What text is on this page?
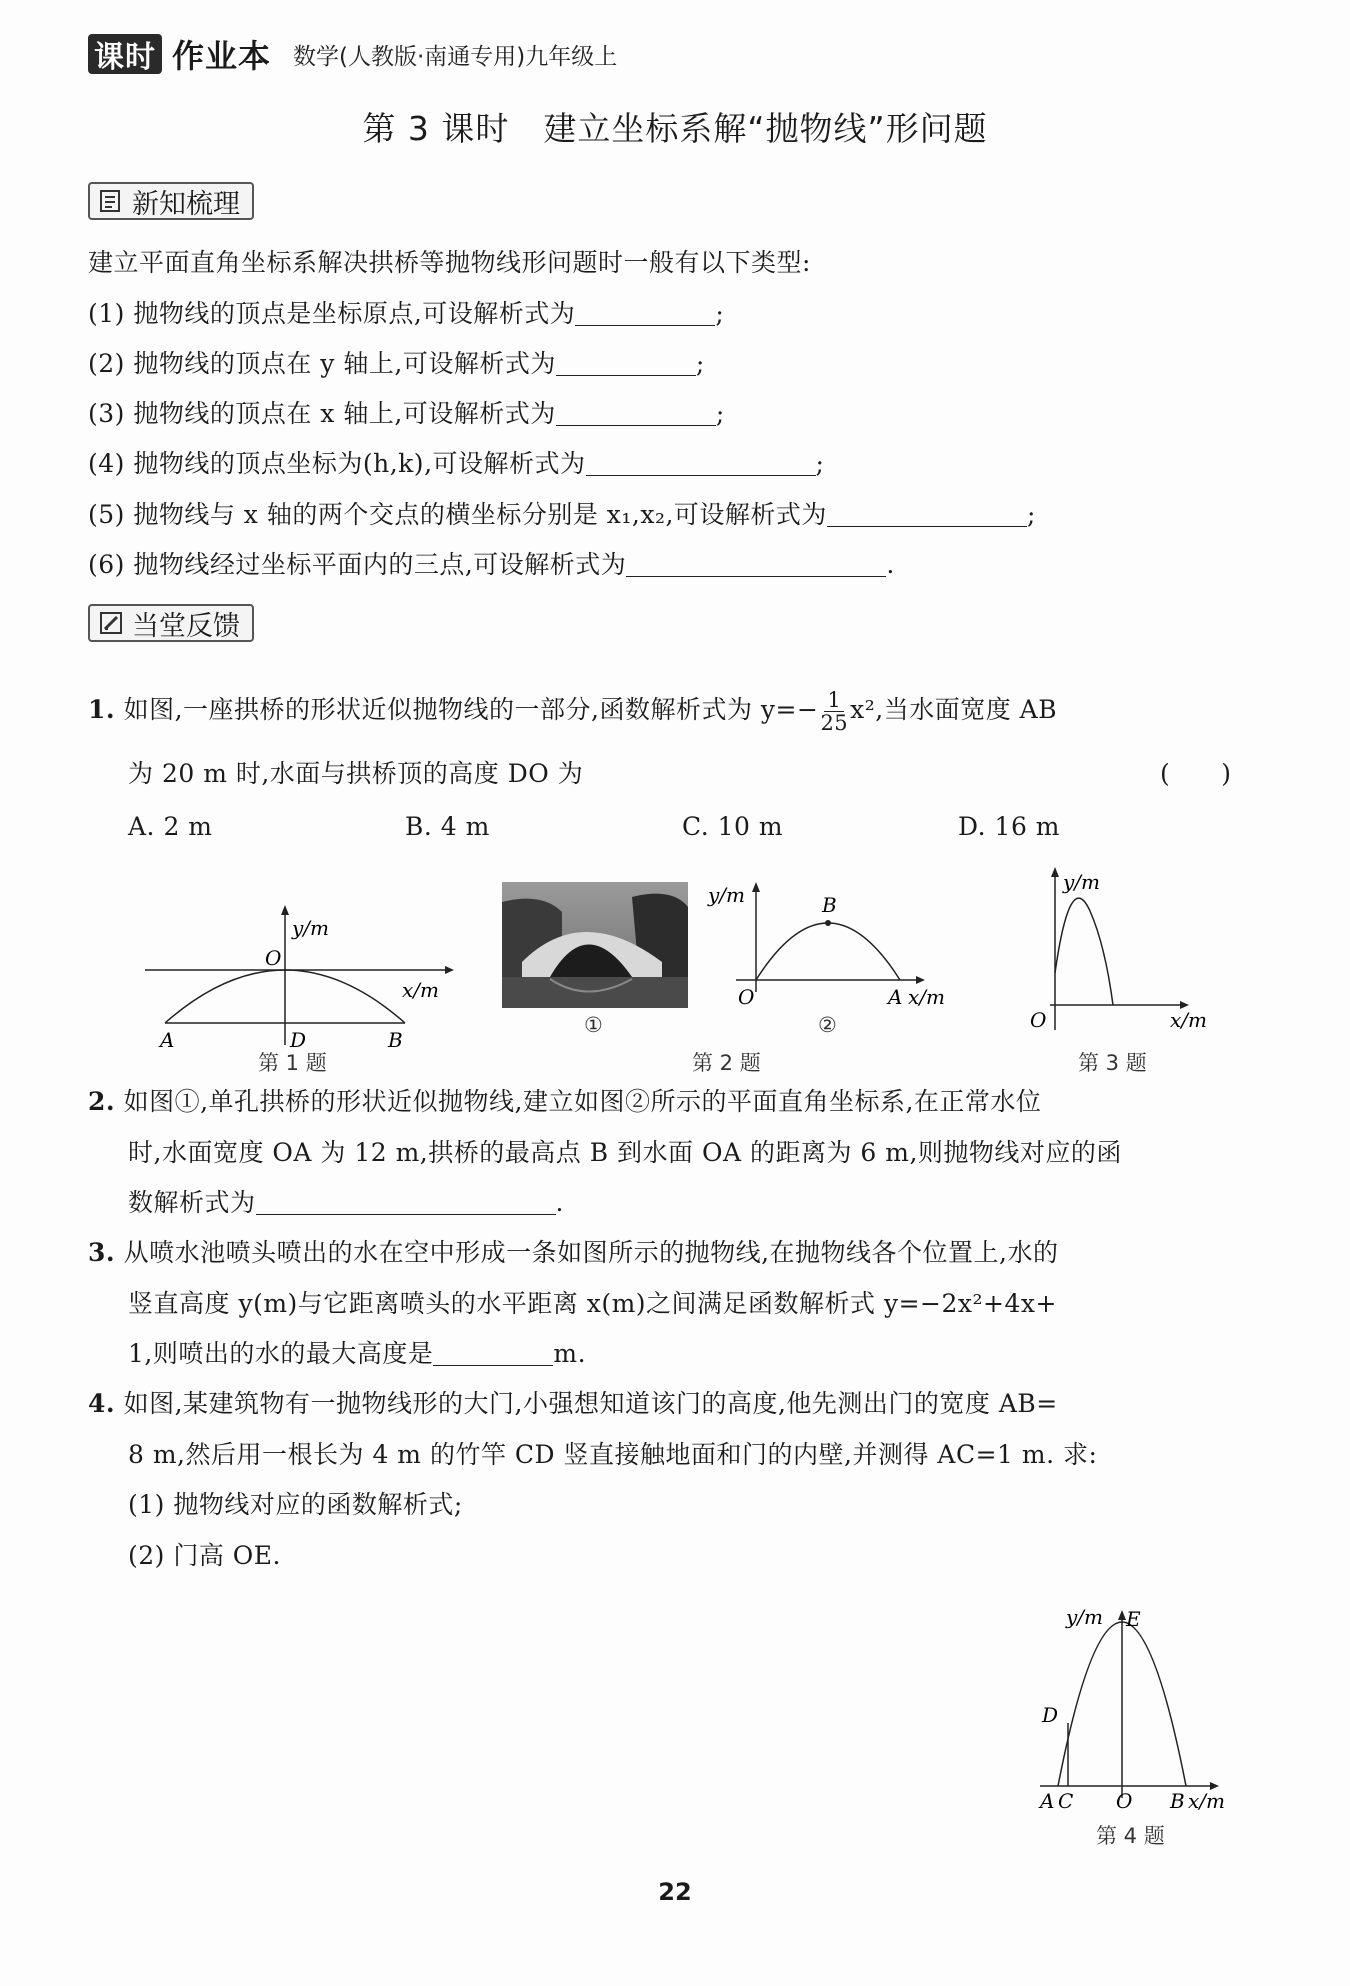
课时 作业本 数学(人教版·南通专用)九年级上
第 3 课时　建立坐标系解“抛物线”形问题
新知梳理
建立平面直角坐标系解决拱桥等抛物线形问题时一般有以下类型:
(1) 抛物线的顶点是坐标原点,可设解析式为	;
(2) 抛物线的顶点在 y 轴上,可设解析式为	;
(3) 抛物线的顶点在 x 轴上,可设解析式为	;
(4) 抛物线的顶点坐标为(h,k),可设解析式为	;
(5) 抛物线与 x 轴的两个交点的横坐标分别是 x₁,x₂,可设解析式为	;
(6) 抛物线经过坐标平面内的三点,可设解析式为	.
当堂反馈
1. 如图,一座拱桥的形状近似抛物线的一部分,函数解析式为 $y=- \frac{1}{25} x^2$,当水面宽度 AB
为 20 m 时,水面与拱桥顶的高度 DO 为	(　　)
A. 2 m	B. 4 m	C. 10 m	D. 16 m
y/m
O
x/m
A	D	B
第 1 题
①
y/m	B
O	A x/m
②
第 2 题
y/m
O	x/m
第 3 题
2. 如图①,单孔拱桥的形状近似抛物线,建立如图②所示的平面直角坐标系,在正常水位
时,水面宽度 OA 为 12 m,拱桥的最高点 B 到水面 OA 的距离为 6 m,则抛物线对应的函
数解析式为	.
3. 从喷水池喷头喷出的水在空中形成一条如图所示的抛物线,在抛物线各个位置上,水的
竖直高度 y(m)与它距离喷头的水平距离 x(m)之间满足函数解析式 y=−2x²+4x+
1,则喷出的水的最大高度是	m.
4. 如图,某建筑物有一抛物线形的大门,小强想知道该门的高度,他先测出门的宽度 AB=
8 m,然后用一根长为 4 m 的竹竿 CD 竖直接触地面和门的内壁,并测得 AC=1 m. 求:
(1) 抛物线对应的函数解析式;
(2) 门高 OE.
y/m E
D
A C O B x/m
第 4 题
22
